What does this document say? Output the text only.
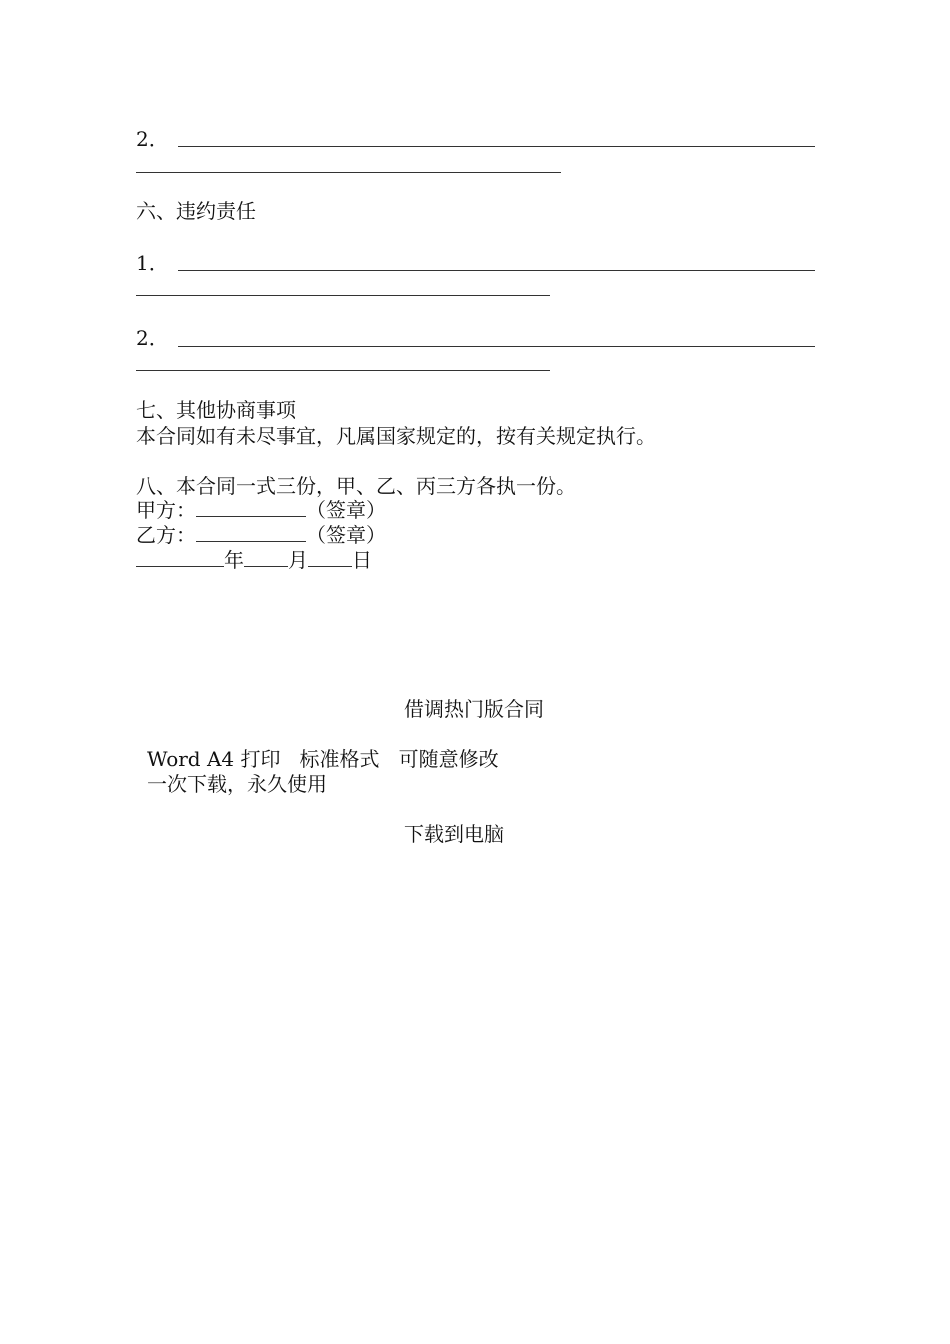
2．
六、违约责任
1．
2．
七、其他协商事项
本合同如有未尽事宜，凡属国家规定的，按有关规定执行。
八、本合同一式三份，甲、乙、丙三方各执一份。
甲方：	（签章）
乙方：	（签章）
年 月 日
借调热门版合同
Word A4 打印   标准格式   可随意修改
一次下载，永久使用
下载到电脑
